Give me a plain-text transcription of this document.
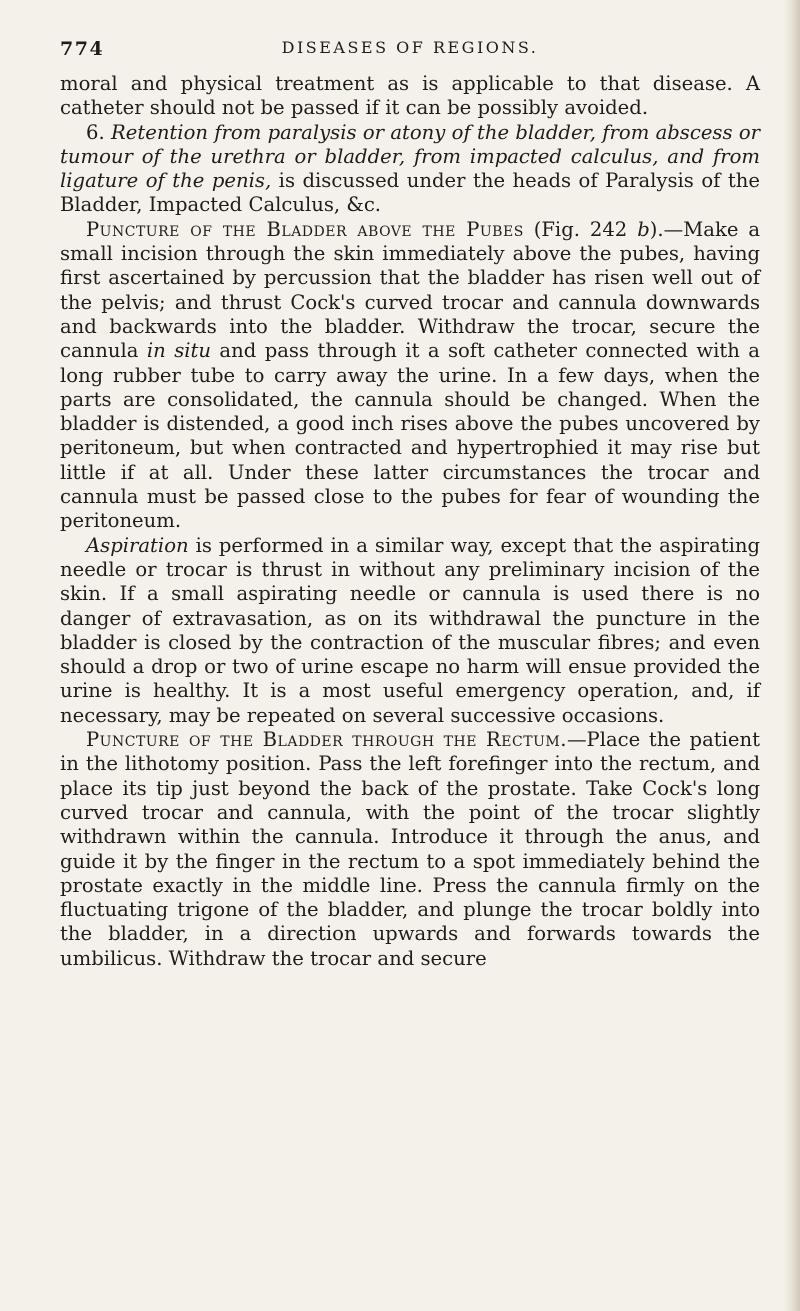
774	DISEASES OF REGIONS.

moral and physical treatment as is applicable to that disease. A catheter should not be passed if it can be possibly avoided.

6. Retention from paralysis or atony of the bladder, from abscess or tumour of the urethra or bladder, from impacted calculus, and from ligature of the penis, is discussed under the heads of Paralysis of the Bladder, Impacted Calculus, &c.

Puncture of the Bladder above the Pubes (Fig. 242 b).—Make a small incision through the skin immediately above the pubes, having first ascertained by percussion that the bladder has risen well out of the pelvis; and thrust Cock's curved trocar and cannula downwards and backwards into the bladder. Withdraw the trocar, secure the cannula in situ and pass through it a soft catheter connected with a long rubber tube to carry away the urine. In a few days, when the parts are consolidated, the cannula should be changed. When the bladder is distended, a good inch rises above the pubes uncovered by peritoneum, but when contracted and hypertrophied it may rise but little if at all. Under these latter circumstances the trocar and cannula must be passed close to the pubes for fear of wounding the peritoneum.

Aspiration is performed in a similar way, except that the aspirating needle or trocar is thrust in without any preliminary incision of the skin. If a small aspirating needle or cannula is used there is no danger of extravasation, as on its withdrawal the puncture in the bladder is closed by the contraction of the muscular fibres; and even should a drop or two of urine escape no harm will ensue provided the urine is healthy. It is a most useful emergency operation, and, if necessary, may be repeated on several successive occasions.

Puncture of the Bladder through the Rectum.—Place the patient in the lithotomy position. Pass the left forefinger into the rectum, and place its tip just beyond the back of the prostate. Take Cock's long curved trocar and cannula, with the point of the trocar slightly withdrawn within the cannula. Introduce it through the anus, and guide it by the finger in the rectum to a spot immediately behind the prostate exactly in the middle line. Press the cannula firmly on the fluctuating trigone of the bladder, and plunge the trocar boldly into the bladder, in a direction upwards and forwards towards the umbilicus. Withdraw the trocar and secure
